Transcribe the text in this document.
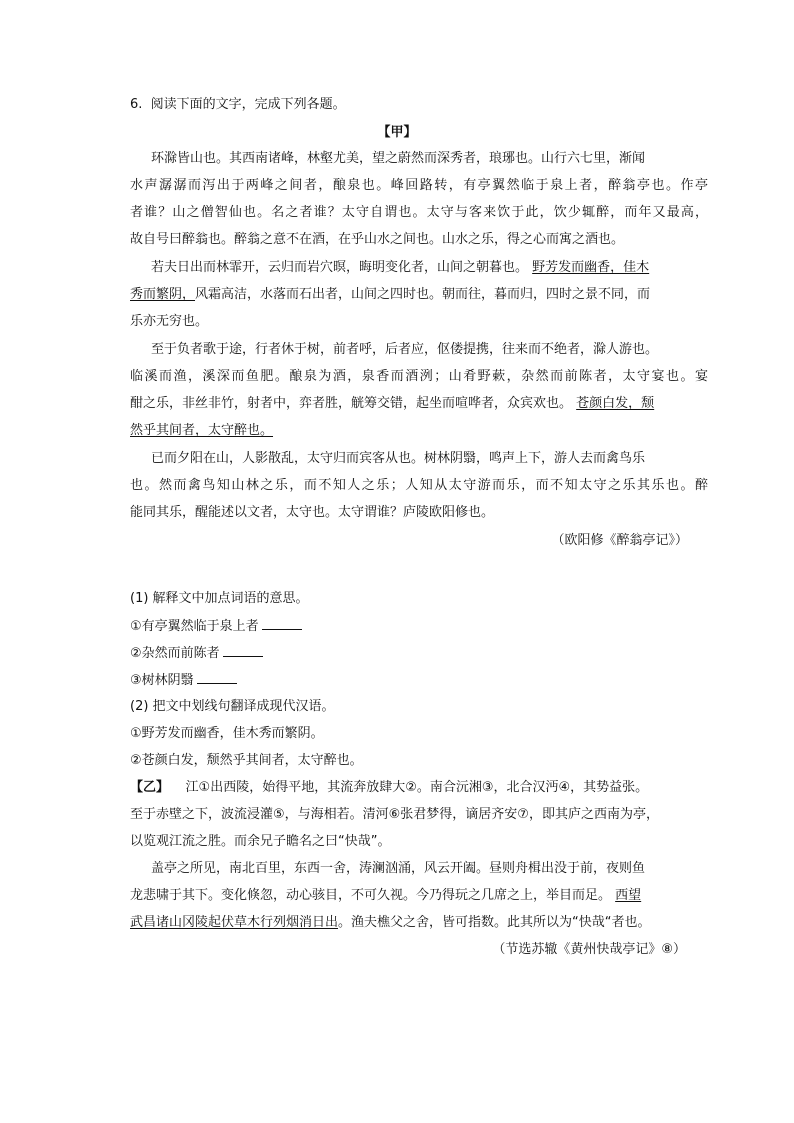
6. 阅读下面的文字，完成下列各题。
【甲】
环滁皆山也。其西南诸峰，林壑尤美，望之蔚然而深秀者，琅琊也。山行六七里，渐闻
水声潺潺而泻出于两峰之间者，酿泉也。峰回路转，有亭翼然临于泉上者，醉翁亭也。作亭
者谁？山之僧智仙也。名之者谁？太守自谓也。太守与客来饮于此，饮少辄醉，而年又最高，
故自号曰醉翁也。醉翁之意不在酒，在乎山水之间也。山水之乐，得之心而寓之酒也。
若夫日出而林霏开，云归而岩穴暝，晦明变化者，山间之朝暮也。 野芳发而幽香，佳木
秀而繁阴，风霜高洁，水落而石出者，山间之四时也。朝而往，暮而归，四时之景不同，而
乐亦无穷也。
至于负者歌于途，行者休于树，前者呼，后者应，伛偻提携，往来而不绝者，滁人游也。
临溪而渔，溪深而鱼肥。酿泉为酒，泉香而酒洌；山肴野蔌，杂然而前陈者，太守宴也。宴
酣之乐，非丝非竹，射者中，弈者胜，觥筹交错，起坐而喧哗者，众宾欢也。 苍颜白发，颓
然乎其间者，太守醉也。
已而夕阳在山，人影散乱，太守归而宾客从也。树林阴翳，鸣声上下，游人去而禽鸟乐
也。然而禽鸟知山林之乐，而不知人之乐；人知从太守游而乐，而不知太守之乐其乐也。醉
能同其乐，醒能述以文者，太守也。太守谓谁？庐陵欧阳修也。
（欧阳修《醉翁亭记》）
(1) 解释文中加点词语的意思。
①有亭翼然临于泉上者
②杂然而前陈者
③树林阴翳
(2) 把文中划线句翻译成现代汉语。
①野芳发而幽香，佳木秀而繁阴。
②苍颜白发，颓然乎其间者，太守醉也。
【乙】 江①出西陵，始得平地，其流奔放肆大②。南合沅湘③，北合汉沔④，其势益张。
至于赤壁之下，波流浸灌⑤，与海相若。清河⑥张君梦得，谪居齐安⑦，即其庐之西南为亭，
以览观江流之胜。而余兄子瞻名之曰“快哉”。
盖亭之所见，南北百里，东西一舍，涛澜汹涌，风云开阖。昼则舟楫出没于前，夜则鱼
龙悲啸于其下。变化倏忽，动心骇目，不可久视。今乃得玩之几席之上，举目而足。 西望
武昌诸山冈陵起伏草木行列烟消日出。渔夫樵父之舍，皆可指数。此其所以为“快哉“者也。
（节选苏辙《黄州快哉亭记》⑧）
